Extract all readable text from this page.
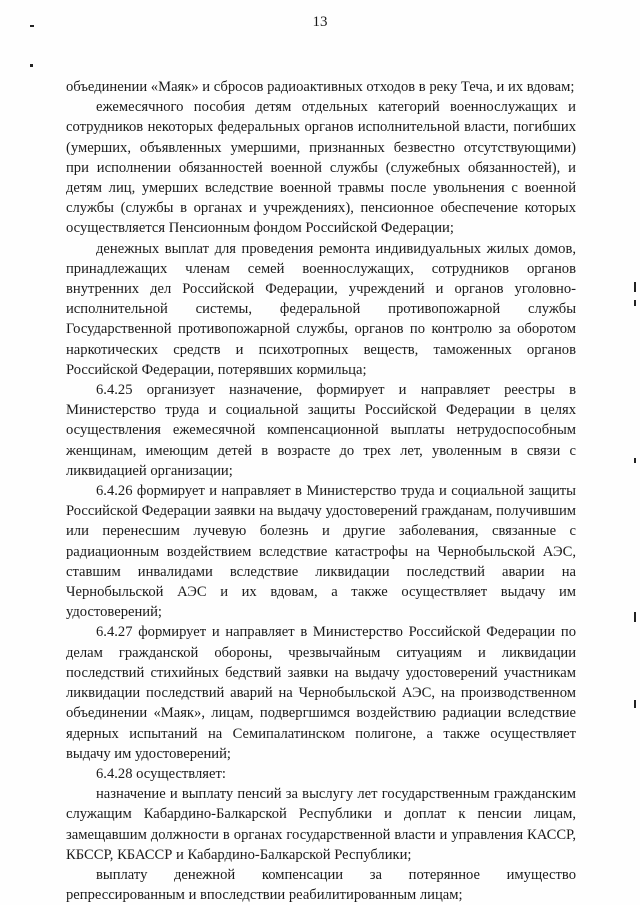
13

объединении «Маяк» и сбросов радиоактивных отходов в реку Теча, и их вдовам;

ежемесячного пособия детям отдельных категорий военнослужащих и сотрудников некоторых федеральных органов исполнительной власти, погибших (умерших, объявленных умершими, признанных безвестно отсутствующими) при исполнении обязанностей военной службы (служебных обязанностей), и детям лиц, умерших вследствие военной травмы после увольнения с военной службы (службы в органах и учреждениях), пенсионное обеспечение которых осуществляется Пенсионным фондом Российской Федерации;

денежных выплат для проведения ремонта индивидуальных жилых домов, принадлежащих членам семей военнослужащих, сотрудников органов внутренних дел Российской Федерации, учреждений и органов уголовно-исполнительной системы, федеральной противопожарной службы Государственной противопожарной службы, органов по контролю за оборотом наркотических средств и психотропных веществ, таможенных органов Российской Федерации, потерявших кормильца;

6.4.25 организует назначение, формирует и направляет реестры в Министерство труда и социальной защиты Российской Федерации в целях осуществления ежемесячной компенсационной выплаты нетрудоспособным женщинам, имеющим детей в возрасте до трех лет, уволенным в связи с ликвидацией организации;

6.4.26 формирует и направляет в Министерство труда и социальной защиты Российской Федерации заявки на выдачу удостоверений гражданам, получившим или перенесшим лучевую болезнь и другие заболевания, связанные с радиационным воздействием вследствие катастрофы на Чернобыльской АЭС, ставшим инвалидами вследствие ликвидации последствий аварии на Чернобыльской АЭС и их вдовам, а также осуществляет выдачу им удостоверений;

6.4.27 формирует и направляет в Министерство Российской Федерации по делам гражданской обороны, чрезвычайным ситуациям и ликвидации последствий стихийных бедствий заявки на выдачу удостоверений участникам ликвидации последствий аварий на Чернобыльской АЭС, на производственном объединении «Маяк», лицам, подвергшимся воздействию радиации вследствие ядерных испытаний на Семипалатинском полигоне, а также осуществляет выдачу им удостоверений;

6.4.28 осуществляет:

назначение и выплату пенсий за выслугу лет государственным гражданским служащим Кабардино-Балкарской Республики и доплат к пенсии лицам, замещавшим должности в органах государственной власти и управления КАССР, КБССР, КБАССР и Кабардино-Балкарской Республики;

выплату денежной компенсации за потерянное имущество репрессированным и впоследствии реабилитированным лицам;
